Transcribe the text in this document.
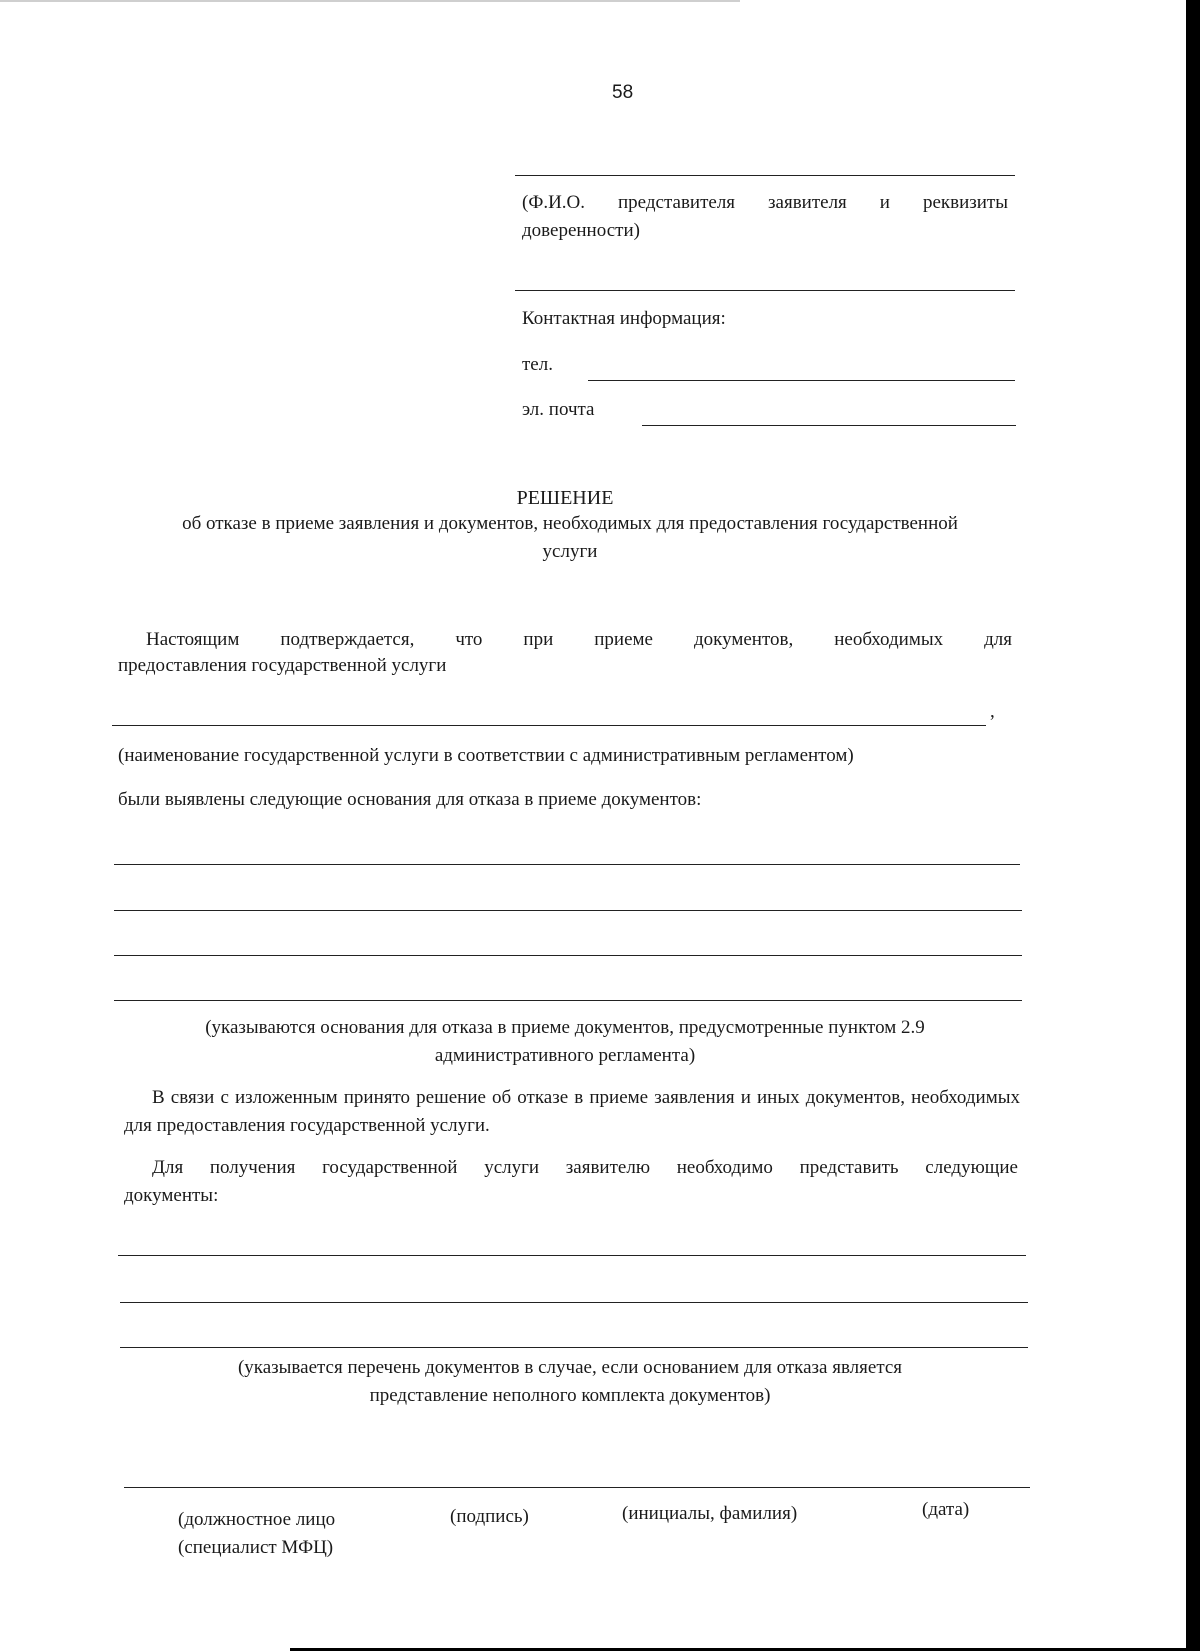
58
(Ф.И.О. представителя заявителя и реквизиты
доверенности)
Контактная информация:
тел.
эл. почта
РЕШЕНИЕ
об отказе в приеме заявления и документов, необходимых для предоставления государственной услуги
Настоящим подтверждается, что при приеме документов, необходимых для
предоставления государственной услуги
,
(наименование государственной услуги в соответствии с административным регламентом)
были выявлены следующие основания для отказа в приеме документов:
(указываются основания для отказа в приеме документов, предусмотренные пунктом 2.9 административного регламента)
В связи с изложенным принято решение об отказе в приеме заявления и иных документов, необходимых для предоставления государственной услуги.
Для получения государственной услуги заявителю необходимо представить следующие
документы:
(указывается перечень документов в случае, если основанием для отказа является представление неполного комплекта документов)
(должностное лицо
(специалист МФЦ)
(подпись)	(инициалы, фамилия)	(дата)
